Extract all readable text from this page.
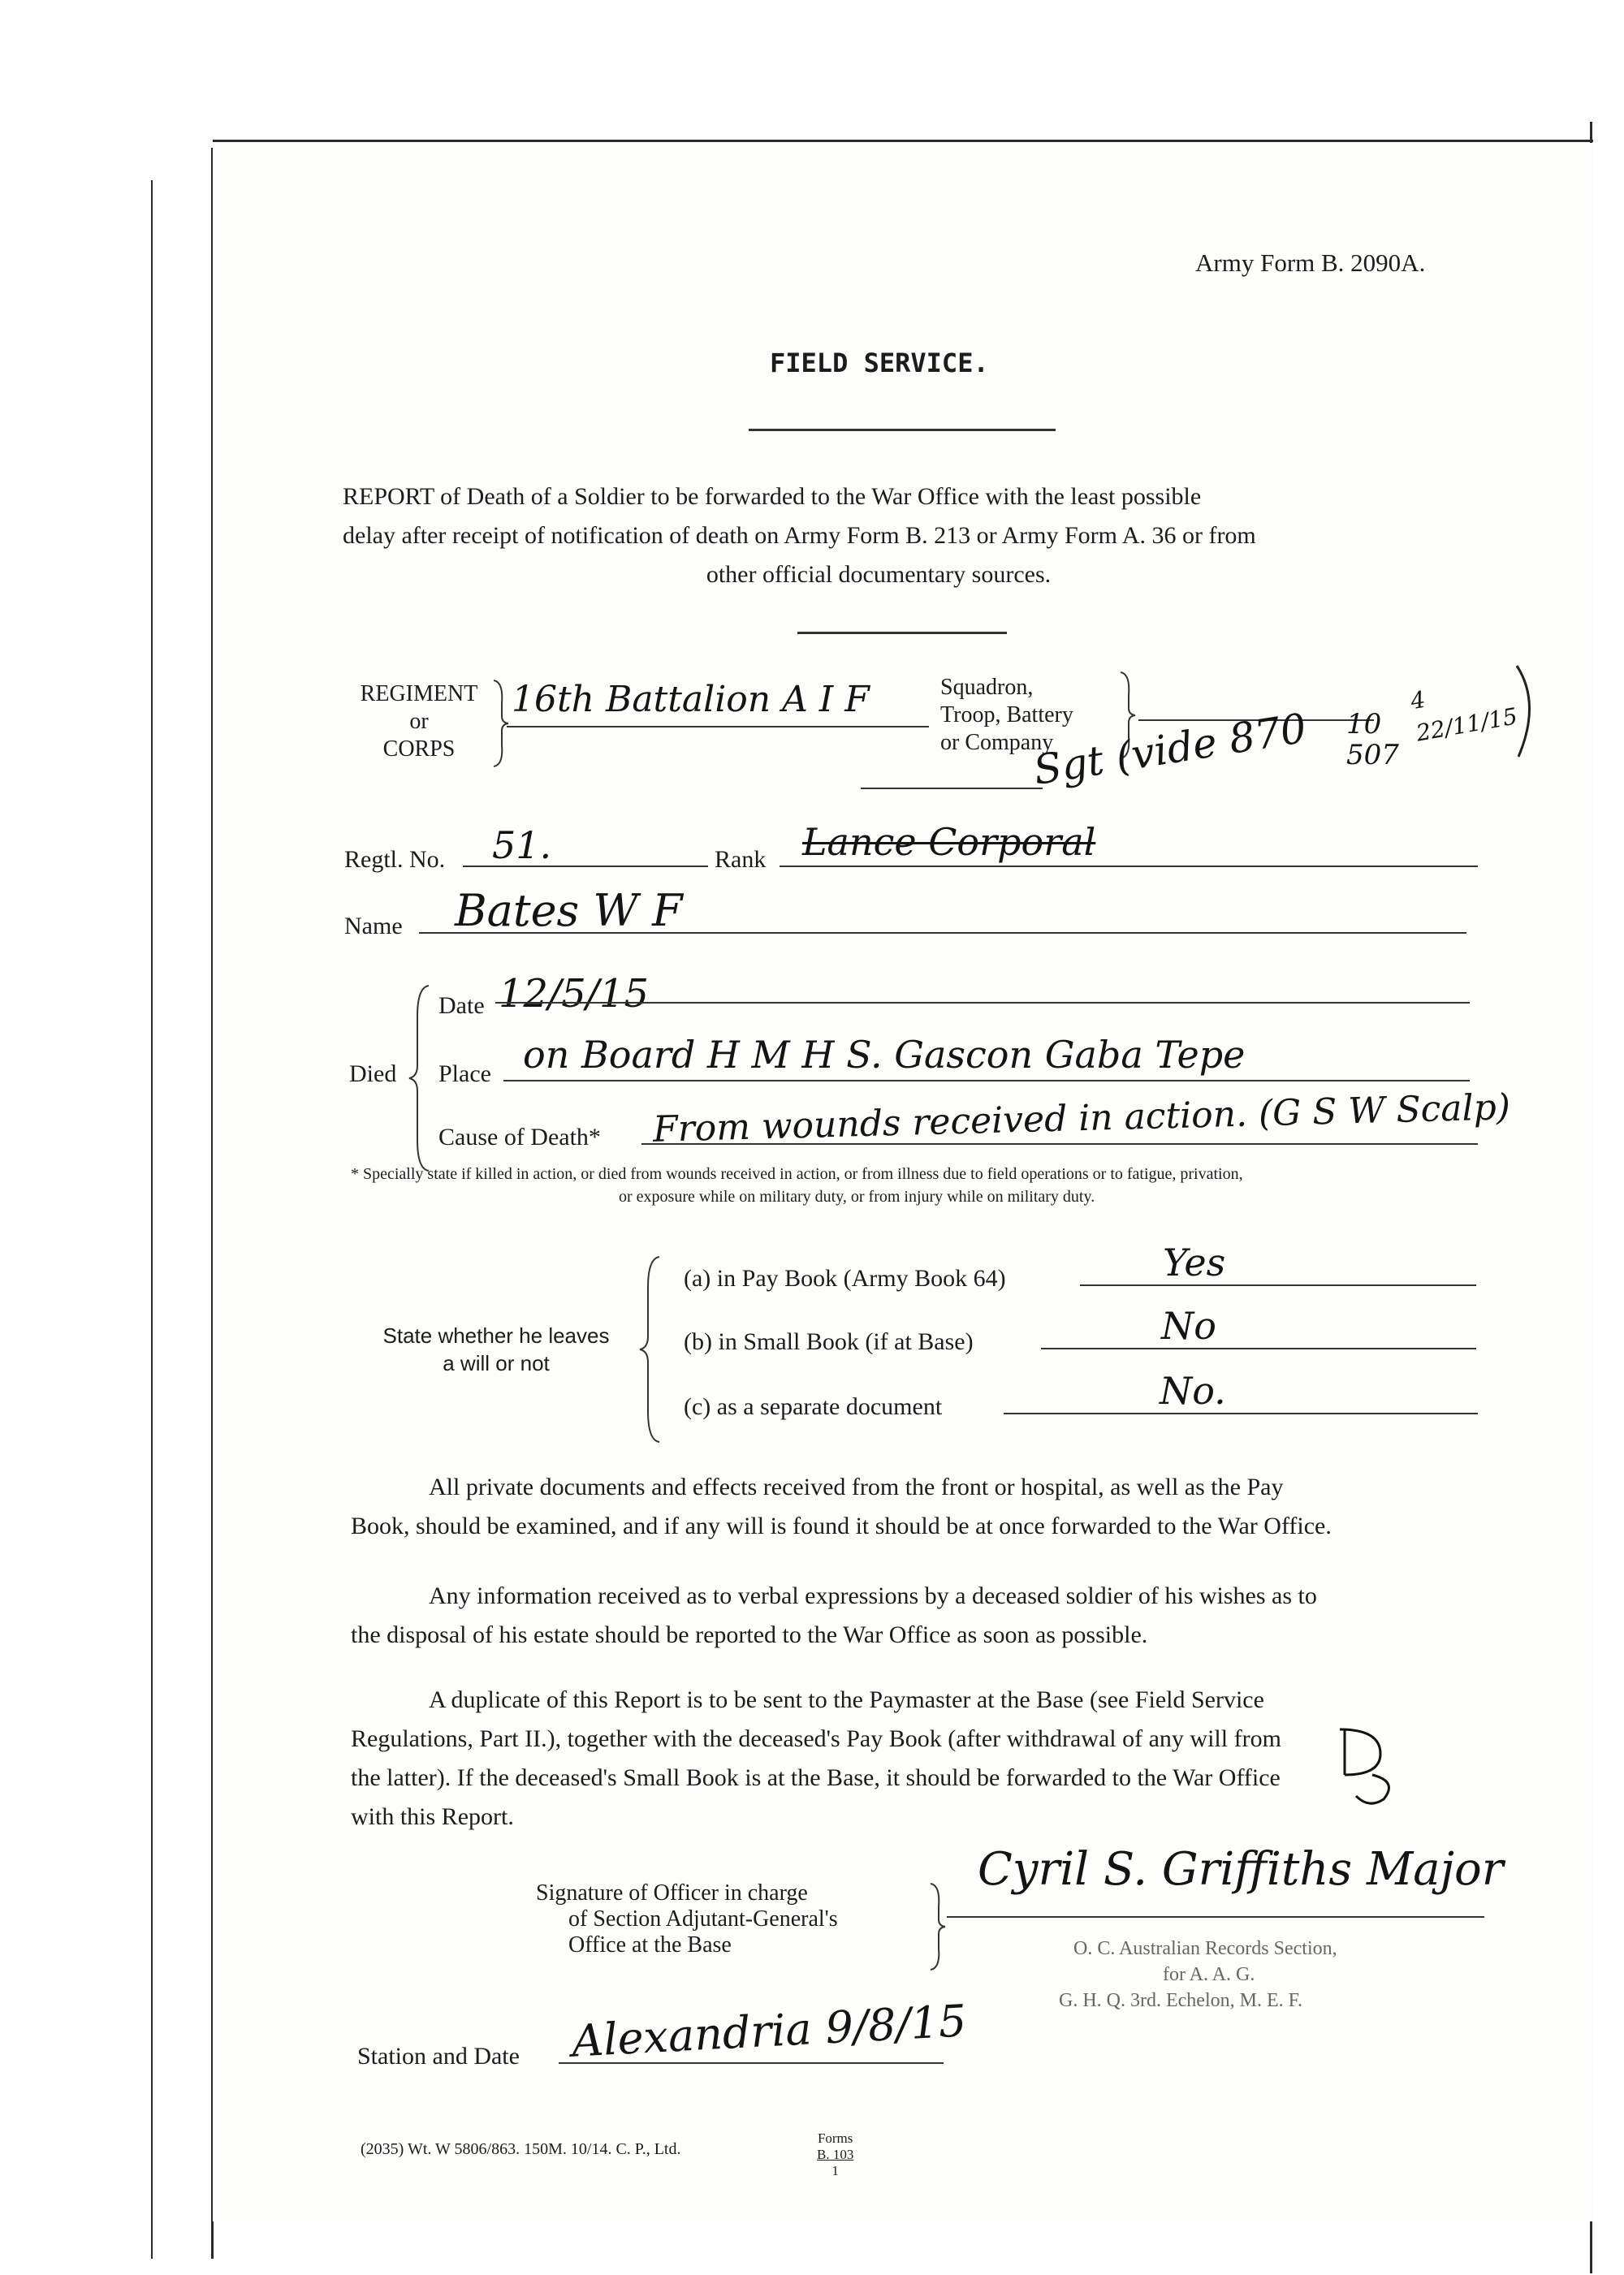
Army Form B. 2090A.
FIELD SERVICE.

REPORT of Death of a Soldier to be forwarded to the War Office with the least possible

delay after receipt of notification of death on Army Form B. 213 or Army Form A. 36 or from

other official documentary sources.

REGIMENT

or

CORPS

16th Battalion A I F	Squadron,

Troop, Battery

or Company

Sgt (vide 870 10
507
4 22/11/15
Regtl. No. 51.	Rank Lance Corporal
Name Bates W F
Died
Date 12/5/15
Place on Board H M H S. Gascon Gaba Tepe
Cause of Death* From wounds received in action. (G S W Scalp)

* Specially state if killed in action, or died from wounds received in action, or from illness due to field operations or to fatigue, privation,

or exposure while on military duty, or from injury while on military duty.

State whether he leaves

a will or not

(a) in Pay Book (Army Book 64)	Yes
(b) in Small Book (if at Base)	No
(c) as a separate document	No.

All private documents and effects received from the front or hospital, as well as the Pay

Book, should be examined, and if any will is found it should be at once forwarded to the War Office.

Any information received as to verbal expressions by a deceased soldier of his wishes as to

the disposal of his estate should be reported to the War Office as soon as possible.

A duplicate of this Report is to be sent to the Paymaster at the Base (see Field Service

Regulations, Part II.), together with the deceased's Pay Book (after withdrawal of any will from

the latter). If the deceased's Small Book is at the Base, it should be forwarded to the War Office

with this Report.

Signature of Officer in charge

of Section Adjutant-General's

Office at the Base

Cyril S. Griffiths Major

O. C. Australian Records Section,

for A. A. G.

G. H. Q. 3rd. Echelon, M. E. F.

Station and Date Alexandria 9/8/15
(2035) Wt. W 5806/863. 150M. 10/14. C. P., Ltd.

Forms

B. 103

1
